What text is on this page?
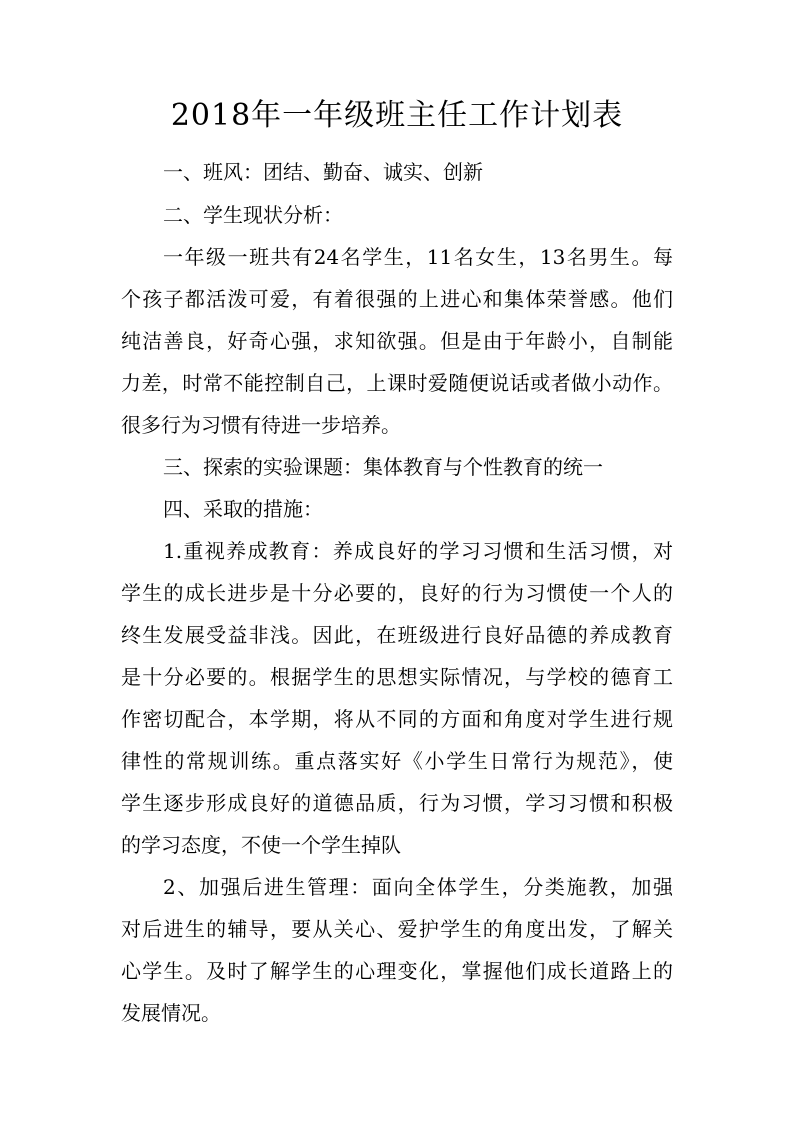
2018年一年级班主任工作计划表
一、班风：团结、勤奋、诚实、创新
二、学生现状分析：
一年级一班共有24名学生，11名女生，13名男生。每
个孩子都活泼可爱，有着很强的上进心和集体荣誉感。他们
纯洁善良，好奇心强，求知欲强。但是由于年龄小，自制能
力差，时常不能控制自己，上课时爱随便说话或者做小动作。
很多行为习惯有待进一步培养。
三、探索的实验课题：集体教育与个性教育的统一
四、采取的措施：
1.重视养成教育：养成良好的学习习惯和生活习惯，对
学生的成长进步是十分必要的，良好的行为习惯使一个人的
终生发展受益非浅。因此，在班级进行良好品德的养成教育
是十分必要的。根据学生的思想实际情况，与学校的德育工
作密切配合，本学期，将从不同的方面和角度对学生进行规
律性的常规训练。重点落实好《小学生日常行为规范》，使
学生逐步形成良好的道德品质，行为习惯，学习习惯和积极
的学习态度，不使一个学生掉队
2、加强后进生管理：面向全体学生，分类施教，加强
对后进生的辅导，要从关心、爱护学生的角度出发，了解关
心学生。及时了解学生的心理变化，掌握他们成长道路上的
发展情况。
